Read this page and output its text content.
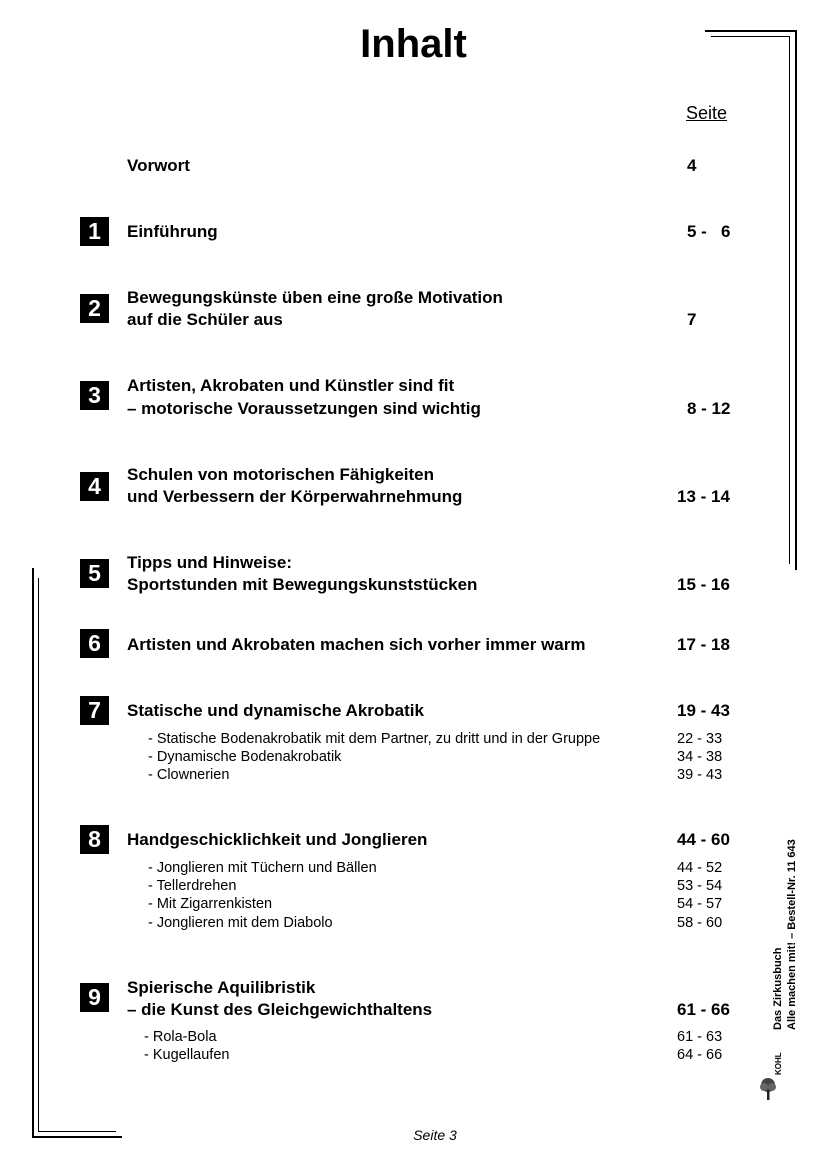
Inhalt
Seite
Vorwort	4
1	Einführung	5 -   6
2	Bewegungskünste üben eine große Motivation
auf die Schüler aus	7
3	Artisten, Akrobaten und Künstler sind fit
– motorische Voraussetzungen sind wichtig	8 - 12
4	Schulen von motorischen Fähigkeiten
und Verbessern der Körperwahrnehmung	13 - 14
5	Tipps und Hinweise:
Sportstunden mit Bewegungskunststücken	15 - 16
6	Artisten und Akrobaten machen sich vorher immer warm	17 - 18
7	Statische und dynamische Akrobatik	19 - 43
- Statische Bodenakrobatik mit dem Partner, zu dritt und in der Gruppe	22 - 33
- Dynamische Bodenakrobatik	34 - 38
- Clownerien	39 - 43
8	Handgeschicklichkeit und Jonglieren	44 - 60
- Jonglieren mit Tüchern und Bällen	44 - 52
- Tellerdrehen	53 - 54
- Mit Zigarrenkisten	54 - 57
- Jonglieren mit dem Diabolo	58 - 60
9	Spierische Aquilibristik
– die Kunst des Gleichgewichthaltens	61 - 66
- Rola-Bola	61 - 63
- Kugellaufen	64 - 66
Das Zirkusbuch Alle machen mit! – Bestell-Nr. 11 643
KOHL
Seite 3
